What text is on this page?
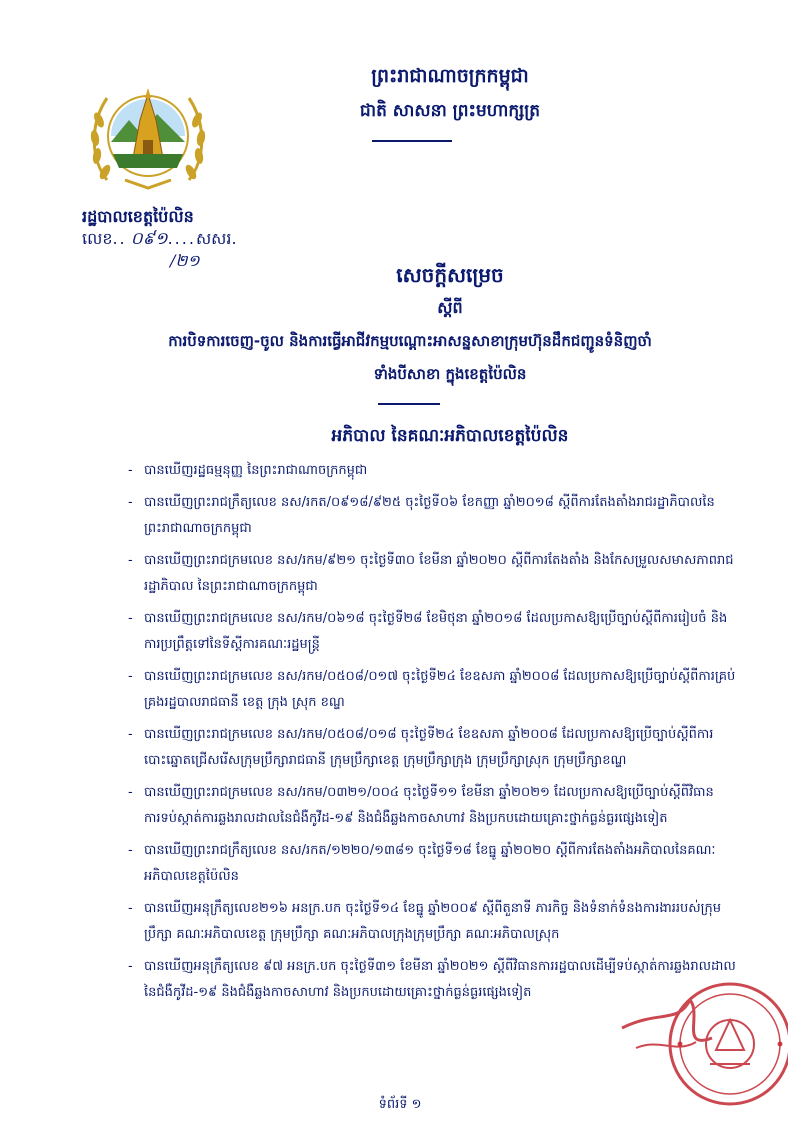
ព្រះរាជាណាចក្រកម្ពុជា
ជាតិ សាសនា ព្រះមហាក្សត្រ
រដ្ឋបាលខេត្តប៉ៃលិន
លេខ.. ០៩១....សសរ.
/២១
សេចក្តីសម្រេច
ស្តីពី
ការបិទការចេញ-ចូល និងការធ្វើអាជីវកម្មបណ្តោះអាសន្នសាខាក្រុមហ៊ុនដឹកជញ្ជូនទំនិញចាំ
ទាំងបីសាខា ក្នុងខេត្តប៉ៃលិន
អភិបាល នៃគណៈអភិបាលខេត្តប៉ៃលិន
- បានឃើញរដ្ឋធម្មនុញ្ញ នៃព្រះរាជាណាចក្រកម្ពុជា
- បានឃើញព្រះរាជក្រឹត្យលេខ នស/រកត/០៩១៨/៩២៥ ចុះថ្ងៃទី០៦ ខែកញ្ញា ឆ្នាំ២០១៨ ស្តីពីការតែងតាំងរាជរដ្ឋាភិបាលនៃព្រះរាជាណាចក្រកម្ពុជា
- បានឃើញព្រះរាជក្រមលេខ នស/រកម/៩២១ ចុះថ្ងៃទី៣០ ខែមីនា ឆ្នាំ២០២០ ស្តីពីការតែងតាំង និងកែសម្រួលសមាសភាពរាជរដ្ឋាភិបាល នៃព្រះរាជាណាចក្រកម្ពុជា
- បានឃើញព្រះរាជក្រមលេខ នស/រកម/០៦១៨ ចុះថ្ងៃទី២៨ ខែមិថុនា ឆ្នាំ២០១៨ ដែលប្រកាសឱ្យប្រើច្បាប់ស្តីពីការរៀបចំ និងការប្រព្រឹត្តទៅនៃទីស្តីការគណៈរដ្ឋមន្ត្រី
- បានឃើញព្រះរាជក្រមលេខ នស/រកម/០៥០៨/០១៧ ចុះថ្ងៃទី២៤ ខែឧសភា ឆ្នាំ២០០៨ ដែលប្រកាសឱ្យប្រើច្បាប់ស្តីពីការគ្រប់គ្រងរដ្ឋបាលរាជធានី ខេត្ត ក្រុង ស្រុក ខណ្ឌ
- បានឃើញព្រះរាជក្រមលេខ នស/រកម/០៥០៨/០១៨ ចុះថ្ងៃទី២៤ ខែឧសភា ឆ្នាំ២០០៨ ដែលប្រកាសឱ្យប្រើច្បាប់ស្តីពីការបោះឆ្នោតជ្រើសរើសក្រុមប្រឹក្សារាជធានី ក្រុមប្រឹក្សាខេត្ត ក្រុមប្រឹក្សាក្រុង ក្រុមប្រឹក្សាស្រុក ក្រុមប្រឹក្សាខណ្ឌ
- បានឃើញព្រះរាជក្រមលេខ នស/រកម/០៣២១/០០៤ ចុះថ្ងៃទី១១ ខែមីនា ឆ្នាំ២០២១ ដែលប្រកាសឱ្យប្រើច្បាប់ស្តីពីវិធានការទប់ស្កាត់ការឆ្លងរាលដាលនៃជំងឺកូវីដ-១៩ និងជំងឺឆ្លងកាចសាហាវ និងប្រកបដោយគ្រោះថ្នាក់ធ្ងន់ធ្ងរផ្សេងទៀត
- បានឃើញព្រះរាជក្រឹត្យលេខ នស/រកត/១២២០/១៣៨១ ចុះថ្ងៃទី១៨ ខែធ្នូ ឆ្នាំ២០២០ ស្តីពីការតែងតាំងអភិបាលនៃគណៈអភិបាលខេត្តប៉ៃលិន
- បានឃើញអនុក្រឹត្យលេខ២១៦ អនក្រ.បក ចុះថ្ងៃទី១៤ ខែធ្នូ ឆ្នាំ២០០៩ ស្តីពីតួនាទី ភារកិច្ច និងទំនាក់ទំនងការងាររបស់ក្រុមប្រឹក្សា គណៈអភិបាលខេត្ត ក្រុមប្រឹក្សា គណៈអភិបាលក្រុងក្រុមប្រឹក្សា គណៈអភិបាលស្រុក
- បានឃើញអនុក្រឹត្យលេខ ៩៧ អនក្រ.បក ចុះថ្ងៃទី៣១ ខែមីនា ឆ្នាំ២០២១ ស្តីពីវិធានការរដ្ឋបាលដើម្បីទប់ស្កាត់ការឆ្លងរាលដាលនៃជំងឺកូវីដ-១៩ និងជំងឺឆ្លងកាចសាហាវ និងប្រកបដោយគ្រោះថ្នាក់ធ្ងន់ធ្ងរផ្សេងទៀត
ទំព័រទី ១
